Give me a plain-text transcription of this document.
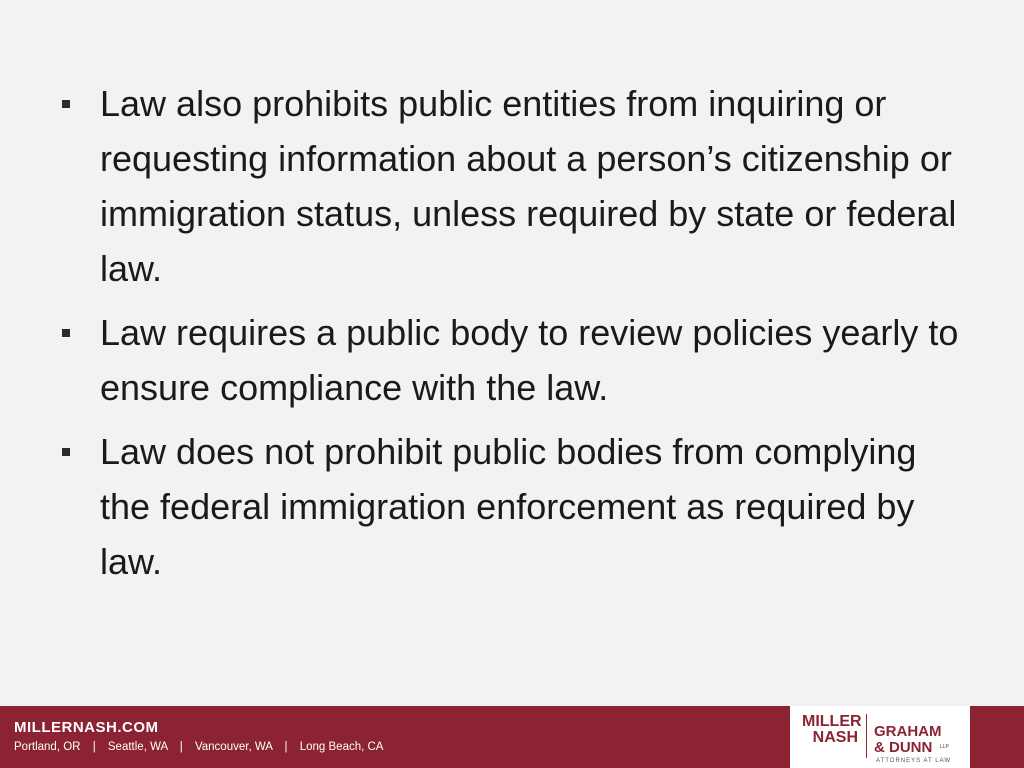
Law also prohibits public entities from inquiring or requesting information about a person’s citizenship or immigration status, unless required by state or federal law.
Law requires a public body to review policies yearly to ensure compliance with the law.
Law does not prohibit public bodies from complying the federal immigration enforcement as required by law.
MILLERNASH.COM
Portland, OR | Seattle, WA | Vancouver, WA | Long Beach, CA
MILLER
NASH GRAHAM
& DUNN	LLP
ATTORNEYS AT LAW
